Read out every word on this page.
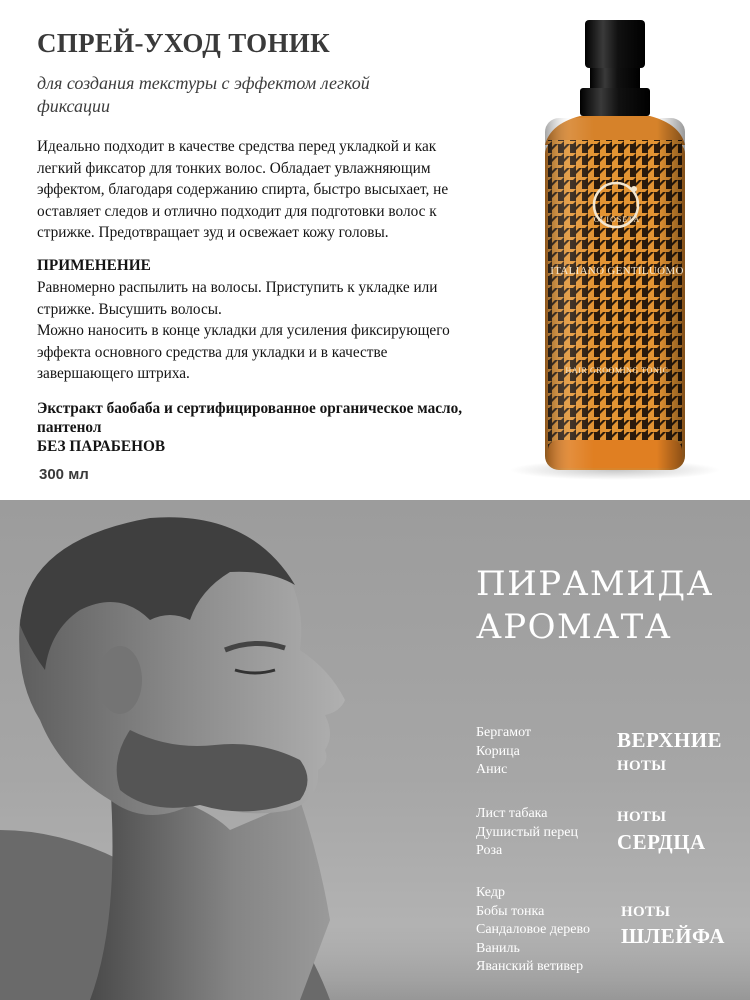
СПРЕЙ-УХОД ТОНИК
для создания текстуры с эффектом легкой
фиксации

Идеально подходит в качестве средства перед укладкой и как

легкий фиксатор для тонких волос. Обладает увлажняющим

эффектом, благодаря содержанию спирта, быстро высыхает, не

оставляет следов и отлично подходит для подготовки волос к

стрижке. Предотвращает зуд и освежает кожу головы.

ПРИМЕНЕНИЕ

Равномерно распылить на волосы. Приступить к укладке или

стрижке. Высушить волосы.

Можно наносить в конце укладки для усиления фиксирующего

эффекта основного средства для укладки и в качестве

завершающего штриха.

Экстракт баобаба и сертифицированное органическое масло,

пантенол

БЕЗ ПАРАБЕНОВ

300 мл
OLIOSETA
ITALIANO GENTILUOMO
HAIR GROOMING TONIC
ПИРАМИДА
АРОМАТА
Бергамот
Корица
Анис
ВЕРХНИЕ
НОТЫ
Лист табака
Душистый перец
Роза
НОТЫ
СЕРДЦА
Кедр
Бобы тонка
Сандаловое дерево
Ваниль
Яванский ветивер
НОТЫ
ШЛЕЙФА
